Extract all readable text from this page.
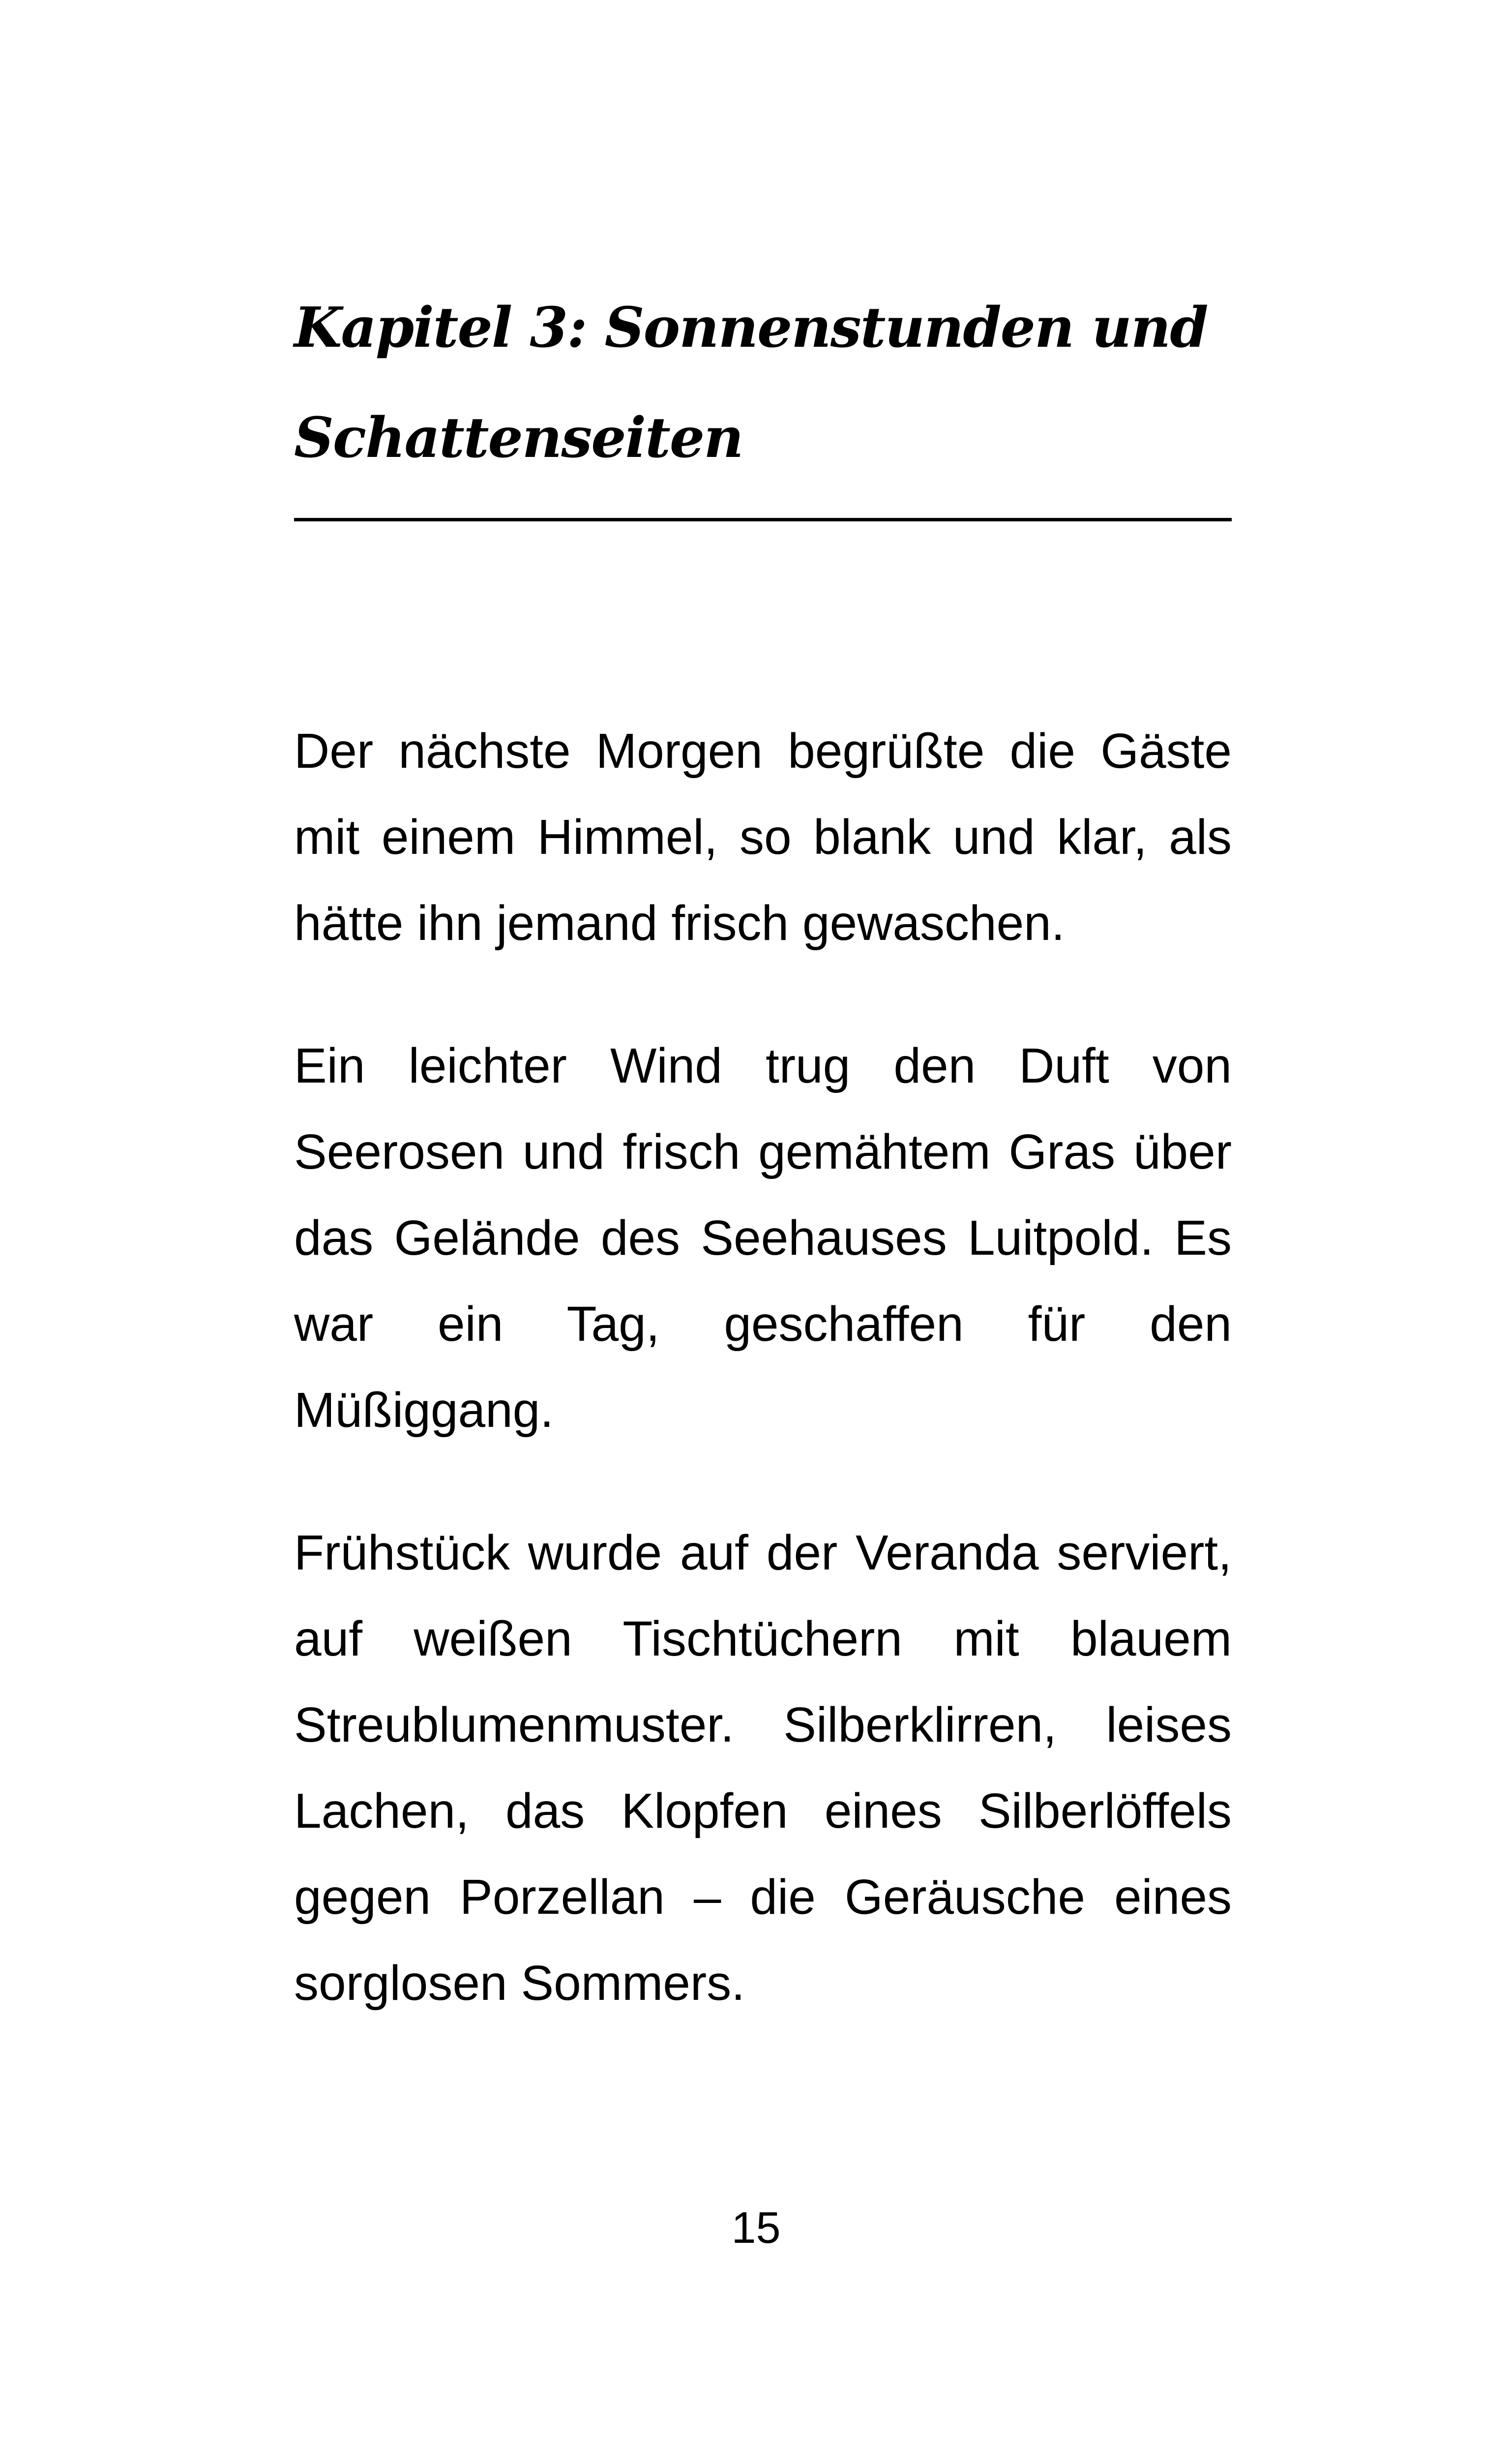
Kapitel 3: Sonnenstunden und Schattenseiten

Der nächste Morgen begrüßte die Gäste mit einem Himmel, so blank und klar, als hätte ihn jemand frisch gewaschen.

Ein leichter Wind trug den Duft von Seerosen und frisch gemähtem Gras über das Gelände des Seehauses Luitpold. Es war ein Tag, geschaffen für den Müßiggang.

Frühstück wurde auf der Veranda serviert, auf weißen Tischtüchern mit blauem Streublumenmuster. Silberklirren, leises Lachen, das Klopfen eines Silberlöffels gegen Porzellan – die Geräusche eines sorglosen Sommers.

15
